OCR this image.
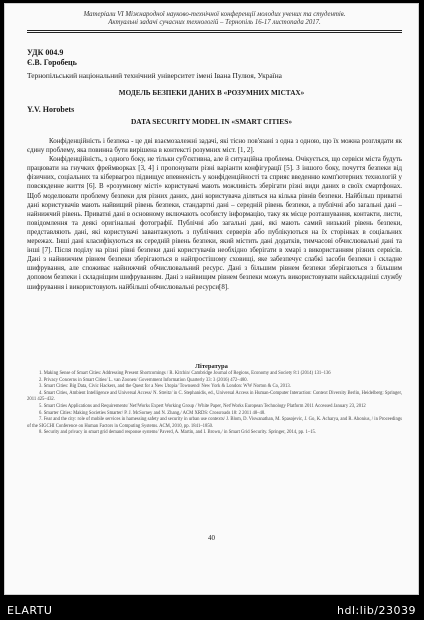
Матеріали VI Міжнародної науково-технічної конференції молодих учених та студентів.
Актуальні задачі сучасних технологій – Тернопіль 16-17 листопада 2017.
УДК 004.9
Є.В. Горобець
Тернопільський національний технічний університет імені Івана Пулюя, Україна
МОДЕЛЬ БЕЗПЕКИ ДАНИХ В «РОЗУМНИХ МІСТАХ»
Y.V. Horobets
DATA SECURITY MODEL IN «SMART CITIES»

Конфіденційність і безпека - це дві взаємозалежні задачі, які тісно пов'язані з одна з одною, що їх можна розглядати як єдину проблему, яка повинна бути вирішена в контексті розумних міст. [1, 2].

Конфіденційність, з одного боку, не тільки суб'єктивна, але й ситуаційна проблема. Очікується, що сервіси міста будуть працювати на гнучких фреймворках [3, 4] і пропонувати різні варіанти конфігурації [5]. З іншого боку, почуття безпеки від фізичних, соціальних та кібервагроз підвищує впевненість у конфіденційності та сприяє введенню комп'ютерних технологій у повсякденне життя [6]. В «розумному місті» користувачі мають можливість зберігати різні види даних в своїх смартфонах. Щоб моделювати проблему безпеки для різних даних, дані користувача діляться на кілька рівнів безпеки. Найбільш приватні дані користувачів мають найвищий рівень безпеки, стандартні дані – середній рівень безпеки, а публічні або загальні дані – найнижчий рівень. Приватні дані в основному включають особисту інформацію, таку як місце розташування, контакти, листи, повідомлення та деякі оригінальні фотографії. Публічні або загальні дані, які мають самий низький рівень безпеки, представляють дані, які користувачі завантажують з публічних серверів або публікуються на їх сторінках в соціальних мережах. Інші дані класифікуються як середній рівень безпеки, який містить дані додатків, тимчасові обчислювальні дані та інші [7]. Після поділу на різні рівні безпеки дані користувачів необхідно зберігати в хмарі з використанням різних сервісів. Дані з найнижчим рівнем безпеки зберігаються в найпростішому сховищі, яке забезпечує слабкі засоби безпеки і складне шифрування, але споживає найнижчий обчислювальний ресурс. Дані з більшим рівнем безпеки зберігаються з більшим доповом безпеки і складніщим шифруванням. Дані з найвищим рівнем безпеки можуть використовувати найскладніші службу шифрування і використовують найбільші обчислювальні ресурси[8].

Література
1. Making Sense of Smart Cities: Addressing Present Shortcomings / R. Kitchin/ Cambridge Journal of Regions, Economy and Society 8:1 (2014) 131–136
2. Privacy Concerns in Smart Cities/ L. van Zoonen/ Government Information Quarterly 33: 3 (2016) 472–480.
3. Smart Cities: Big Data, Civic Hackers, and the Quest for a New Utopia/ Townsend/ New York & London: WW Norton & Co, 2013.
4. Smart Cities, Ambient Intelligence and Universal Access/ N. Streitz/ in C. Stephanidis, ed., Universal Access in Human-Computer Interaction: Context Diversity Berlin, Heidelberg: Springer, 2011 425–432.
5. Smart Cities Applications and Requirements/ Net!Works Expert Working Group / White Paper, Net!Works European Technology Platform 2011 Accessed January 23, 2012
6. Smarter Cities: Making Societies Smarter/ P. J. McSorney and N. Zhang,/ ACM XRDS: Crossroads 18: 2 2011 48–48.
7. Fear and the city: role of mobile services in harnessing safety and security in urban use contexts/ J. Blom, D. Viswanathan, M. Spasojevic, J. Go, K. Acharya, and R. Ahonius, / in Proceedings of the SIGCHI Conference on Human Factors in Computing Systems. ACM, 2010, pp. 1841–1850.
8. Security and privacy in smart grid demand response systems/ Paverd, A. Martin, and I. Brown,/ in Smart Grid Security. Springer, 2014, pp. 1–15.
40
ELARTU	hdl:lib/23039
